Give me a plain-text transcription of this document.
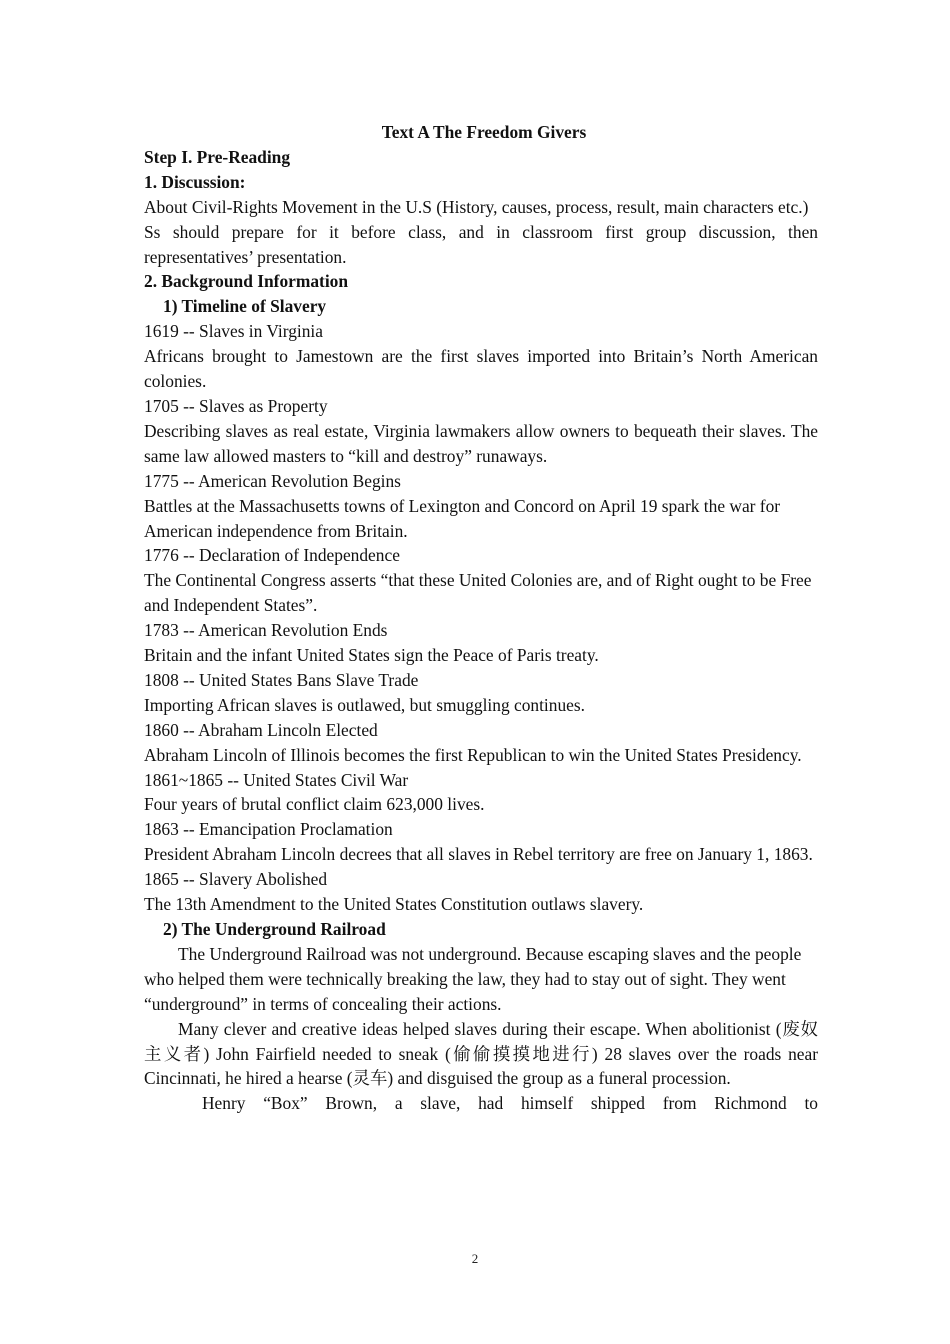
Text A The Freedom Givers

Step I. Pre-Reading

1. Discussion:

About Civil-Rights Movement in the U.S (History, causes, process, result, main characters etc.)

Ss should prepare for it before class, and in classroom first group discussion, then representatives’ presentation.

2. Background Information

1) Timeline of Slavery

1619 -- Slaves in Virginia

Africans brought to Jamestown are the first slaves imported into Britain’s North American colonies.

1705 -- Slaves as Property

Describing slaves as real estate, Virginia lawmakers allow owners to bequeath their slaves. The same law allowed masters to “kill and destroy” runaways.

1775 -- American Revolution Begins

Battles at the Massachusetts towns of Lexington and Concord on April 19 spark the war for American independence from Britain.

1776 -- Declaration of Independence

The Continental Congress asserts “that these United Colonies are, and of Right ought to be Free and Independent States”.

1783 -- American Revolution Ends

Britain and the infant United States sign the Peace of Paris treaty.

1808 -- United States Bans Slave Trade

Importing African slaves is outlawed, but smuggling continues.

1860 -- Abraham Lincoln Elected

Abraham Lincoln of Illinois becomes the first Republican to win the United States Presidency.

1861~1865 -- United States Civil War

Four years of brutal conflict claim 623,000 lives.

1863 -- Emancipation Proclamation

President Abraham Lincoln decrees that all slaves in Rebel territory are free on January 1, 1863.

1865 -- Slavery Abolished

The 13th Amendment to the United States Constitution outlaws slavery.

2) The Underground Railroad

The Underground Railroad was not underground. Because escaping slaves and the people who helped them were technically breaking the law, they had to stay out of sight. They went “underground” in terms of concealing their actions.

Many clever and creative ideas helped slaves during their escape. When abolitionist (废奴主义者) John Fairfield needed to sneak (偷偷摸摸地进行) 28 slaves over the roads near Cincinnati, he hired a hearse (灵车) and disguised the group as a funeral procession.

Henry “Box” Brown, a slave, had himself shipped from Richmond to

2
